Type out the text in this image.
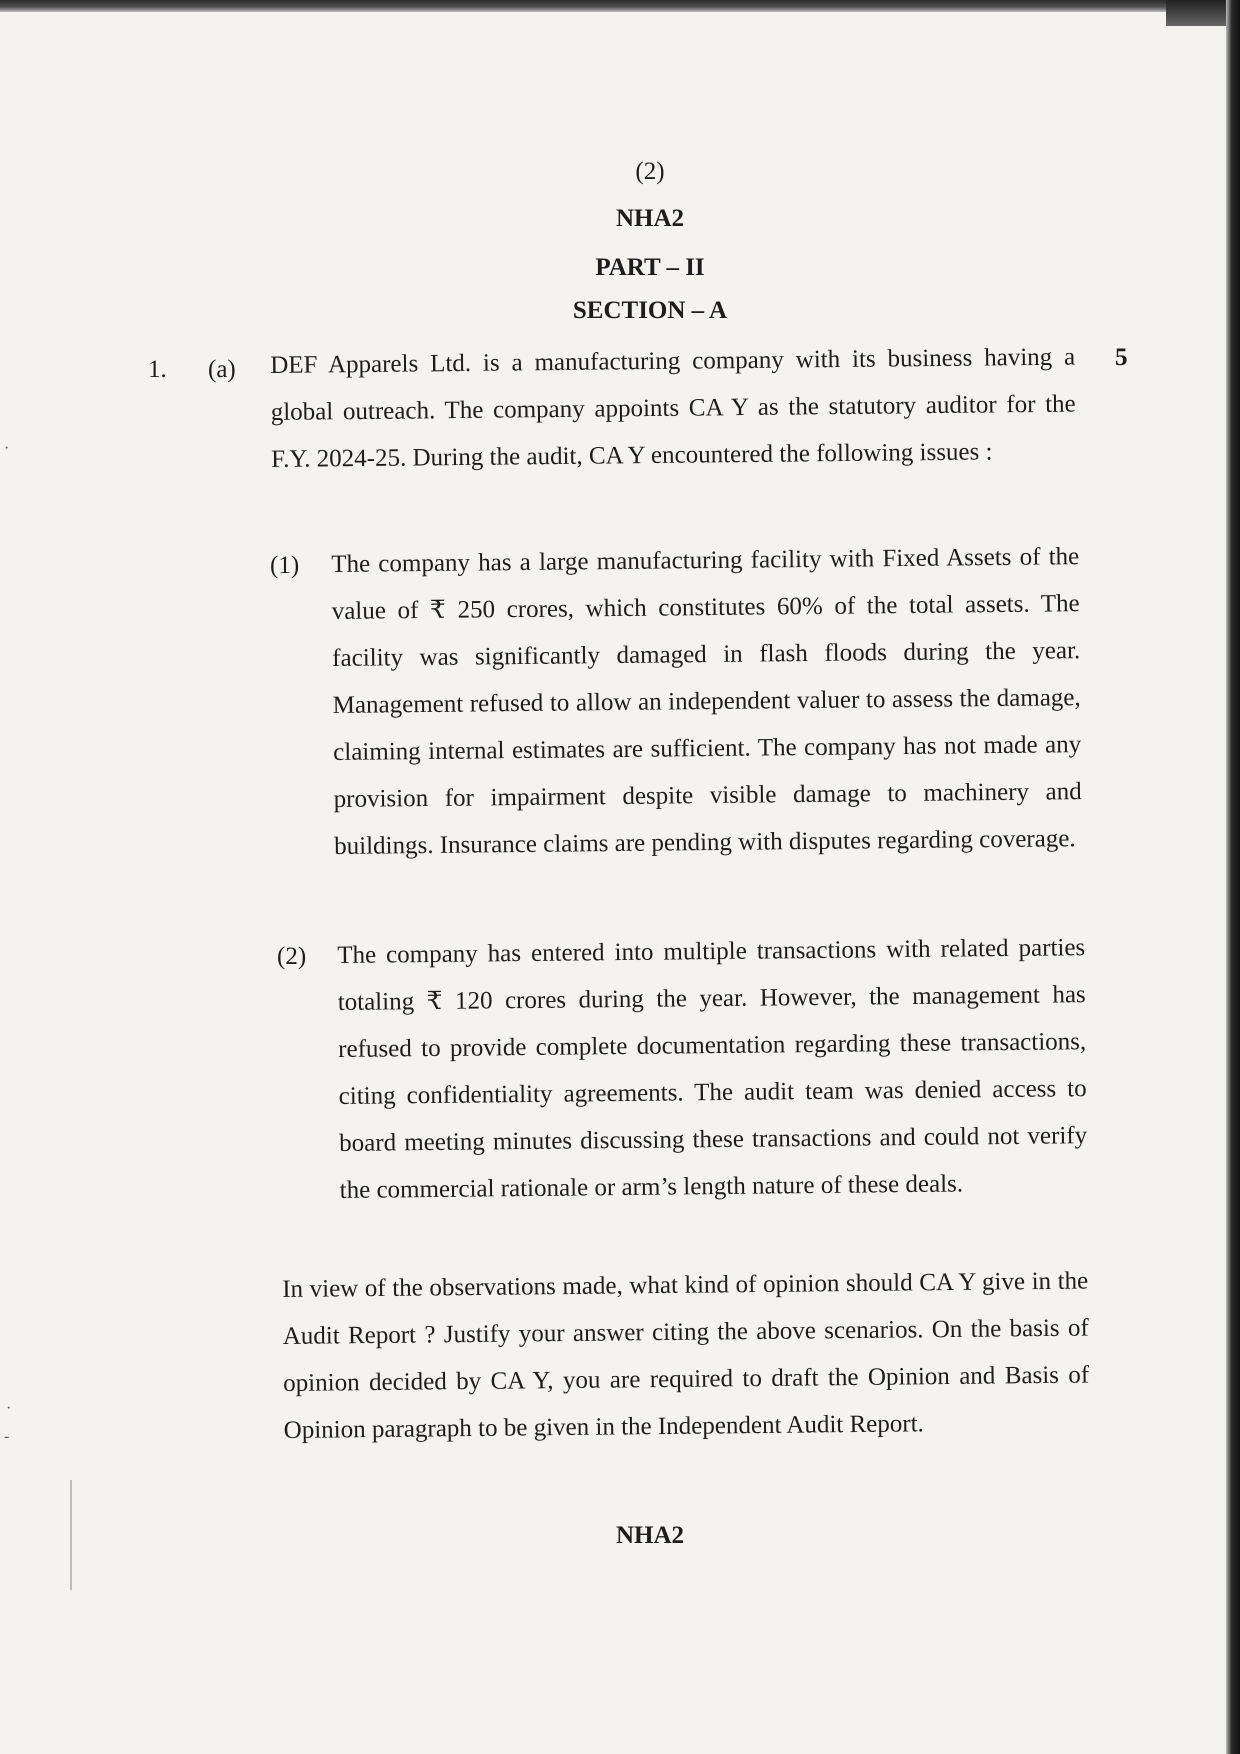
(2)
NHA2
PART – II
SECTION – A
1. (a)	5

DEF Apparels Ltd. is a manufacturing company with its business having a global outreach. The company appoints CA Y as the statutory auditor for the F.Y. 2024-25. During the audit, CA Y encountered the following issues :

(1) The company has a large manufacturing facility with Fixed Assets of the value of ₹ 250 crores, which constitutes 60% of the total assets. The facility was significantly damaged in flash floods during the year. Management refused to allow an independent valuer to assess the damage, claiming internal estimates are sufficient. The company has not made any provision for impairment despite visible damage to machinery and buildings. Insurance claims are pending with disputes regarding coverage.

(2) The company has entered into multiple transactions with related parties totaling ₹ 120 crores during the year. However, the management has refused to provide complete documentation regarding these transactions, citing confidentiality agreements. The audit team was denied access to board meeting minutes discussing these transactions and could not verify the commercial rationale or arm’s length nature of these deals.

In view of the observations made, what kind of opinion should CA Y give in the Audit Report ? Justify your answer citing the above scenarios. On the basis of opinion decided by CA Y, you are required to draft the Opinion and Basis of Opinion paragraph to be given in the Independent Audit Report.

NHA2
·
·
-
